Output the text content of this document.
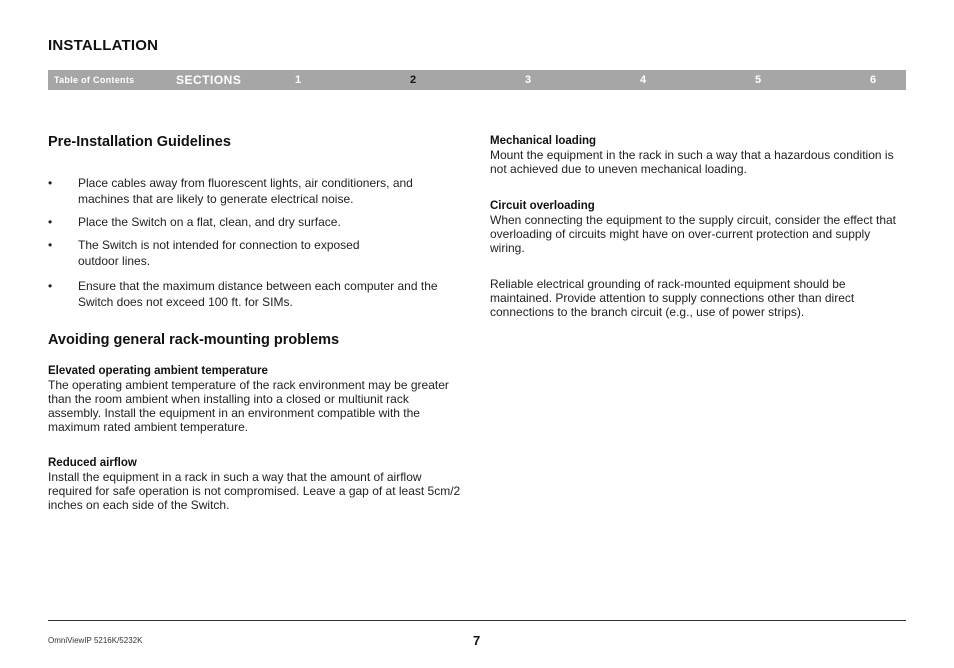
INSTALLATION
Table of Contents	SECTIONS	1	2	3	4	5	6
Pre-Installation Guidelines
• Place cables away from fluorescent lights, air conditioners, and machines that are likely to generate electrical noise.
• Place the Switch on a flat, clean, and dry surface.
• The Switch is not intended for connection to exposed outdoor lines.
• Ensure that the maximum distance between each computer and the Switch does not exceed 100 ft. for SIMs.
Avoiding general rack-mounting problems
Elevated operating ambient temperature
The operating ambient temperature of the rack environment may be greater than the room ambient when installing into a closed or multiunit rack assembly. Install the equipment in an environment compatible with the maximum rated ambient temperature.
Reduced airflow
Install the equipment in a rack in such a way that the amount of airflow required for safe operation is not compromised. Leave a gap of at least 5cm/2 inches on each side of the Switch.
Mechanical loading
Mount the equipment in the rack in such a way that a hazardous condition is not achieved due to uneven mechanical loading.
Circuit overloading
When connecting the equipment to the supply circuit, consider the effect that overloading of circuits might have on over-current protection and supply wiring.
Reliable electrical grounding of rack-mounted equipment should be maintained. Provide attention to supply connections other than direct connections to the branch circuit (e.g., use of power strips).
OmniViewIP 5216K/5232K	7
